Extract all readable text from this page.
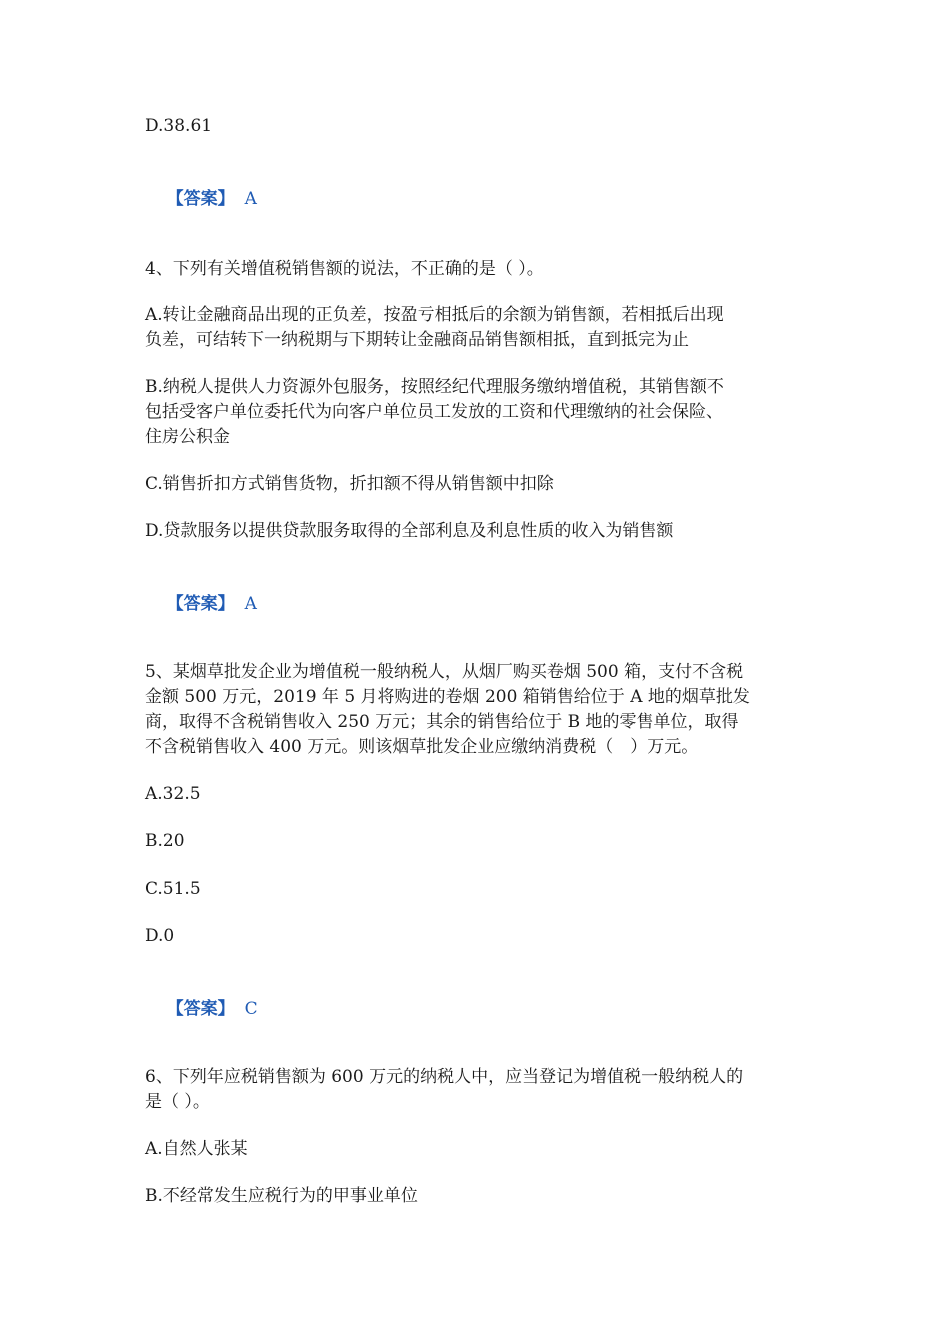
D.38.61

【答案】 A

4、下列有关增值税销售额的说法，不正确的是（ ）。
A.转让金融商品出现的正负差，按盈亏相抵后的余额为销售额，若相抵后出现
负差，可结转下一纳税期与下期转让金融商品销售额相抵，直到抵完为止
B.纳税人提供人力资源外包服务，按照经纪代理服务缴纳增值税，其销售额不
包括受客户单位委托代为向客户单位员工发放的工资和代理缴纳的社会保险、
住房公积金
C.销售折扣方式销售货物，折扣额不得从销售额中扣除
D.贷款服务以提供贷款服务取得的全部利息及利息性质的收入为销售额

【答案】 A

5、某烟草批发企业为增值税一般纳税人，从烟厂购买卷烟 500 箱，支付不含税
金额 500 万元，2019 年 5 月将购进的卷烟 200 箱销售给位于 A 地的烟草批发
商，取得不含税销售收入 250 万元；其余的销售给位于 B 地的零售单位，取得
不含税销售收入 400 万元。则该烟草批发企业应缴纳消费税（　）万元。
A.32.5
B.20
C.51.5
D.0

【答案】 C

6、下列年应税销售额为 600 万元的纳税人中，应当登记为增值税一般纳税人的
是（ ）。
A.自然人张某
B.不经常发生应税行为的甲事业单位
